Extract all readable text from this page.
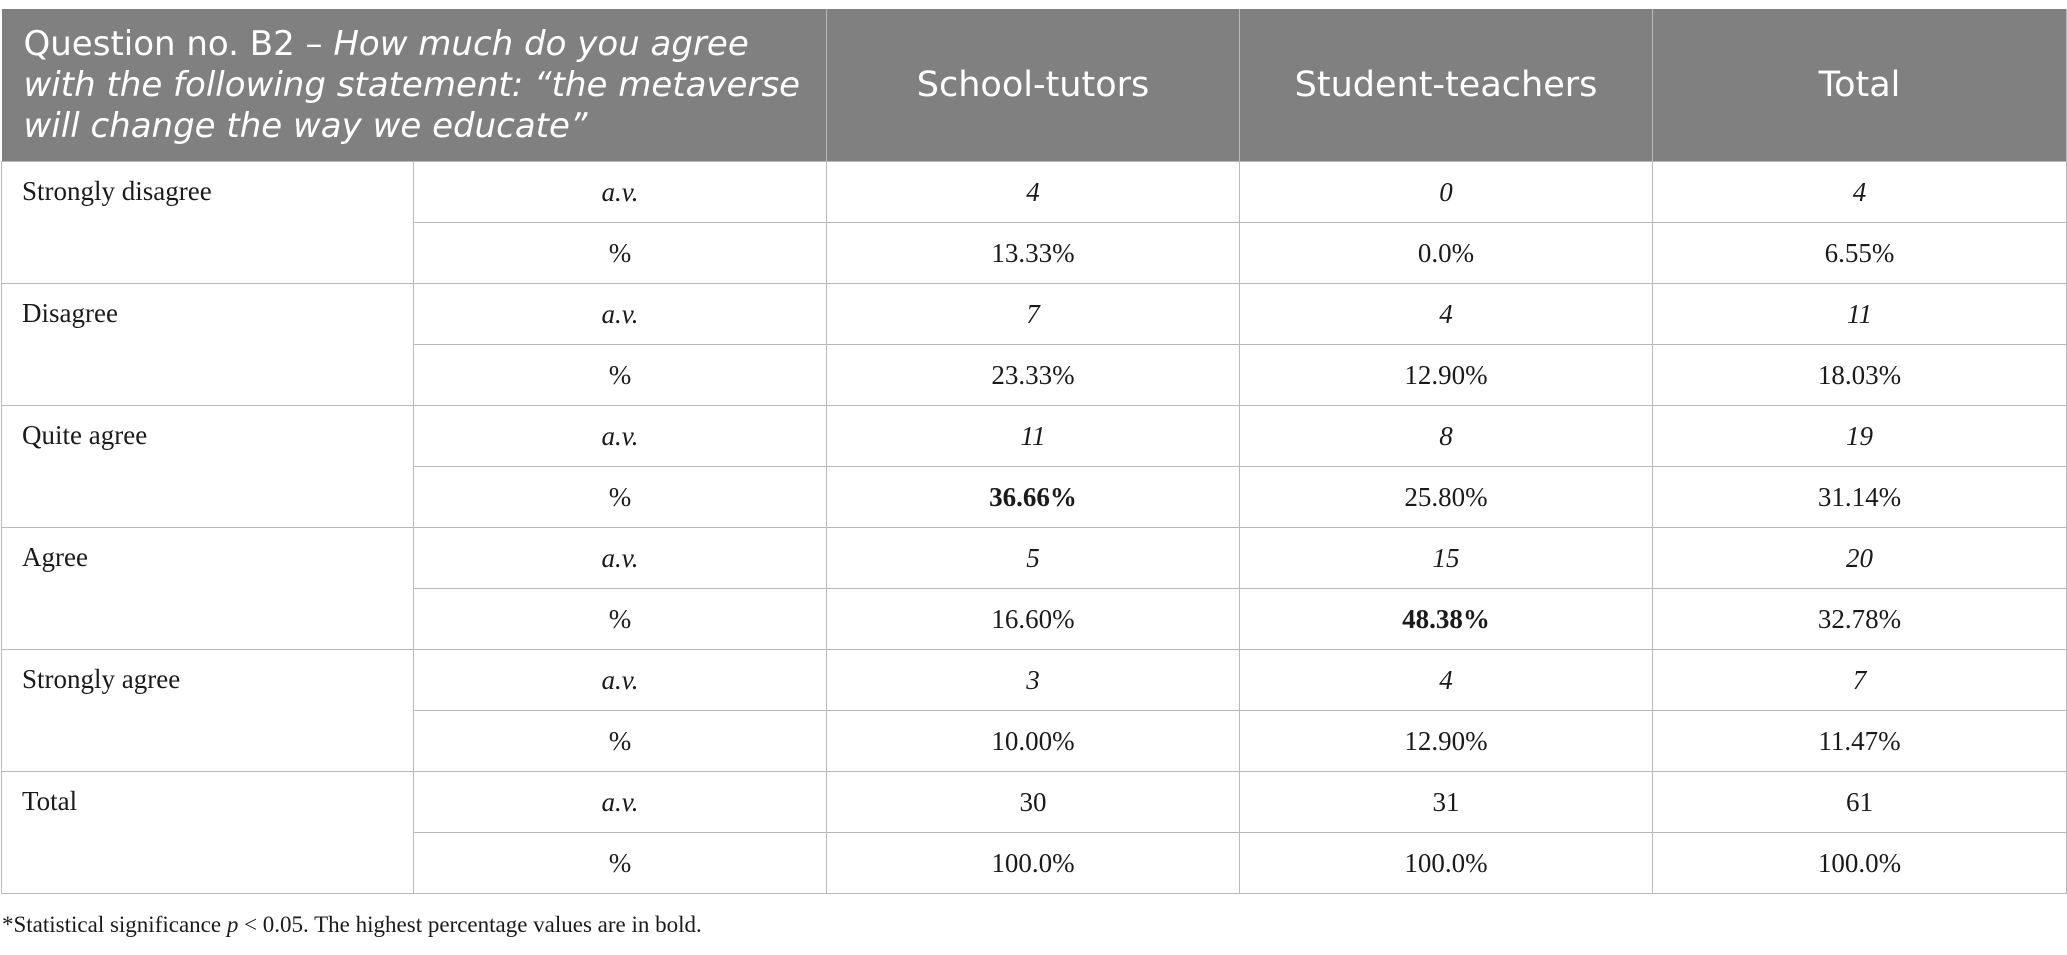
Question no. B2 – How much do you agree with the following statement: “the metaverse will change the way we educate”		School-tutors	Student-teachers	Total
Strongly disagree	a.v.	4	0	4
	%	13.33%	0.0%	6.55%
Disagree	a.v.	7	4	11
	%	23.33%	12.90%	18.03%
Quite agree	a.v.	11	8	19
	%	36.66%	25.80%	31.14%
Agree	a.v.	5	15	20
	%	16.60%	48.38%	32.78%
Strongly agree	a.v.	3	4	7
	%	10.00%	12.90%	11.47%
Total	a.v.	30	31	61
	%	100.0%	100.0%	100.0%
*Statistical significance p < 0.05. The highest percentage values are in bold.
